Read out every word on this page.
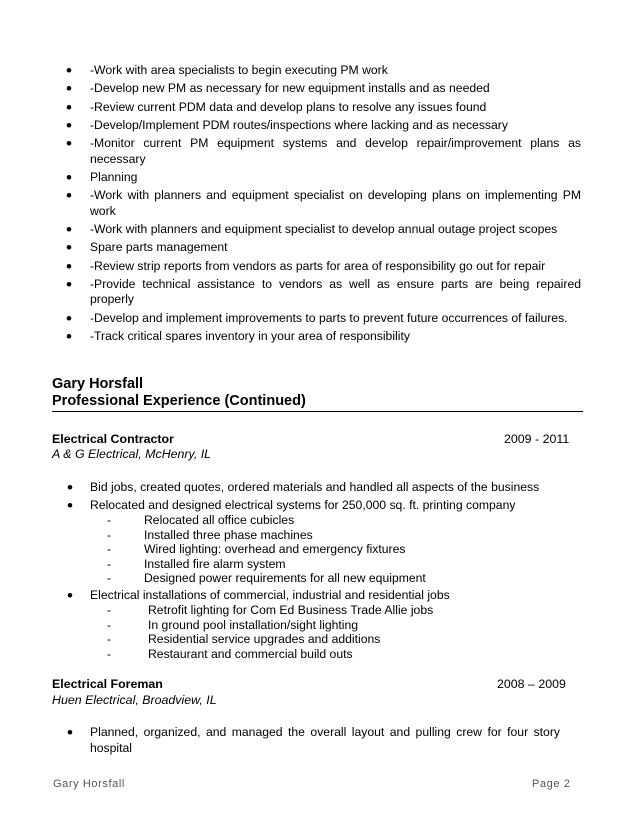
• -Work with area specialists to begin executing PM work
• -Develop new PM as necessary for new equipment installs and as needed
• -Review current PDM data and develop plans to resolve any issues found
• -Develop/Implement PDM routes/inspections where lacking and as necessary
• -Monitor current PM equipment systems and develop repair/improvement plans as necessary
• Planning
• -Work with planners and equipment specialist on developing plans on implementing PM work
• -Work with planners and equipment specialist to develop annual outage project scopes
• Spare parts management
• -Review strip reports from vendors as parts for area of responsibility go out for repair
• -Provide technical assistance to vendors as well as ensure parts are being repaired properly
• -Develop and implement improvements to parts to prevent future occurrences of failures.
• -Track critical spares inventory in your area of responsibility
Gary Horsfall
Professional Experience (Continued)
Electrical Contractor	2009 - 2011
A & G Electrical, McHenry, IL
• Bid jobs, created quotes, ordered materials and handled all aspects of the business
• Relocated and designed electrical systems for 250,000 sq. ft. printing company
-	Relocated all office cubicles
-	Installed three phase machines
-	Wired lighting: overhead and emergency fixtures
-	Installed fire alarm system
-	Designed power requirements for all new equipment
• Electrical installations of commercial, industrial and residential jobs
-	Retrofit lighting for Com Ed Business Trade Allie jobs
-	In ground pool installation/sight lighting
-	Residential service upgrades and additions
-	Restaurant and commercial build outs
Electrical Foreman	2008 – 2009
Huen Electrical, Broadview, IL
• Planned, organized, and managed the overall layout and pulling crew for four story hospital
Gary Horsfall	Page 2
